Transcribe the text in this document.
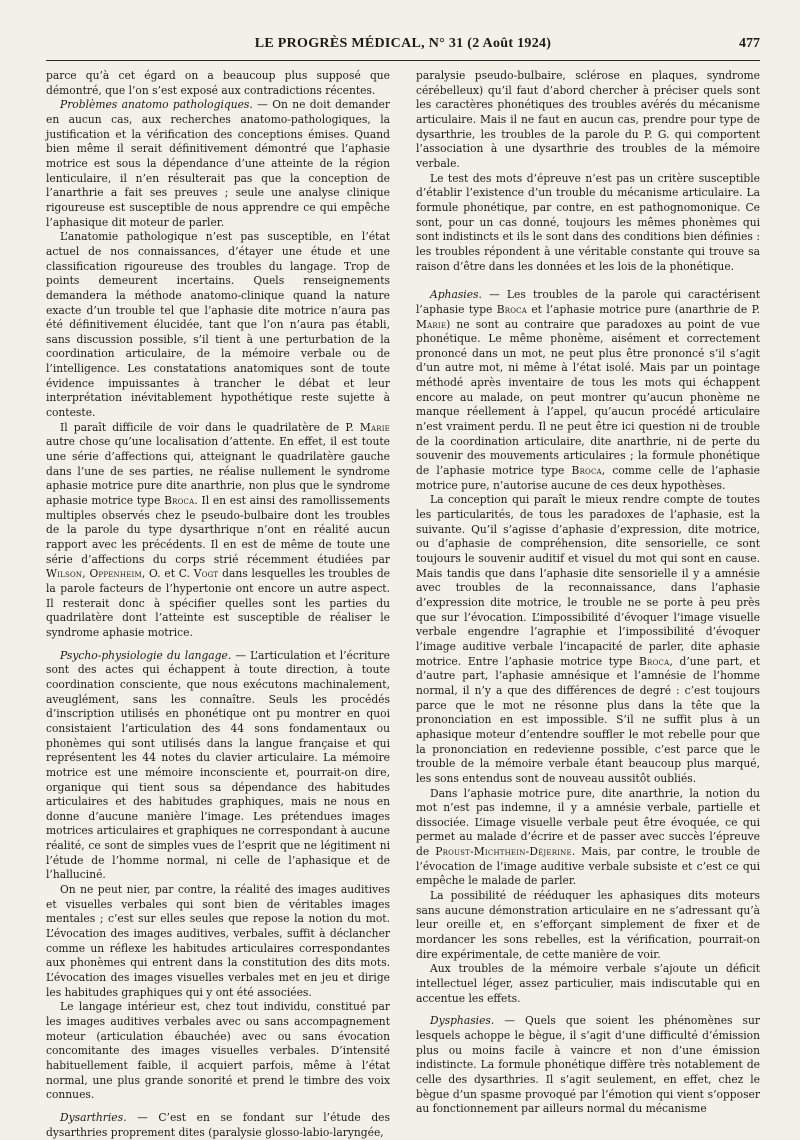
LE PROGRÈS MÉDICAL, N° 31 (2 Août 1924)	477

parce qu’à cet égard on a beaucoup plus supposé que démontré, que l’on s’est exposé aux contradictions récentes.

Problèmes anatomo pathologiques. — On ne doit demander en aucun cas, aux recherches anatomo-pathologiques, la justification et la vérification des conceptions émises. Quand bien même il serait définitivement démontré que l’aphasie motrice est sous la dépendance d’une atteinte de la région lenticulaire, il n’en résulterait pas que la conception de l’anarthrie a fait ses preuves ; seule une analyse clinique rigoureuse est susceptible de nous apprendre ce qui empêche l’aphasique dit moteur de parler.

L’anatomie pathologique n’est pas susceptible, en l’état actuel de nos connaissances, d’étayer une étude et une classification rigoureuse des troubles du langage. Trop de points demeurent incertains. Quels renseignements demandera la méthode anatomo-clinique quand la nature exacte d’un trouble tel que l’aphasie dite motrice n’aura pas été définitivement élucidée, tant que l’on n’aura pas établi, sans discussion possible, s’il tient à une perturbation de la coordination articulaire, de la mémoire verbale ou de l’intelligence. Les constatations anatomiques sont de toute évidence impuissantes à trancher le débat et leur interprétation inévitablement hypothétique reste sujette à conteste.

Il paraît difficile de voir dans le quadrilatère de P. Marie autre chose qu’une localisation d’attente. En effet, il est toute une série d’affections qui, atteignant le quadrilatère gauche dans l’une de ses parties, ne réalise nullement le syndrome aphasie motrice pure dite anarthrie, non plus que le syndrome aphasie motrice type Broca. Il en est ainsi des ramollissements multiples observés chez le pseudo-bulbaire dont les troubles de la parole du type dysarthrique n’ont en réalité aucun rapport avec les précédents. Il en est de même de toute une série d’affections du corps strié récemment étudiées par Wilson, Oppenheim, O. et C. Vogt dans lesquelles les troubles de la parole facteurs de l’hypertonie ont encore un autre aspect. Il resterait donc à spécifier quelles sont les parties du quadrilatère dont l’atteinte est susceptible de réaliser le syndrome aphasie motrice.

Psycho-physiologie du langage. — L’articulation et l’écriture sont des actes qui échappent à toute direction, à toute coordination consciente, que nous exécutons machinalement, aveuglément, sans les connaître. Seuls les procédés d’inscription utilisés en phonétique ont pu montrer en quoi consistaient l’articulation des 44 sons fondamentaux ou phonèmes qui sont utilisés dans la langue française et qui représentent les 44 notes du clavier articulaire. La mémoire motrice est une mémoire inconsciente et, pourrait-on dire, organique qui tient sous sa dépendance des habitudes articulaires et des habitudes graphiques, mais ne nous en donne d’aucune manière l’image. Les prétendues images motrices articulaires et graphiques ne correspondant à aucune réalité, ce sont de simples vues de l’esprit que ne légitiment ni l’étude de l’homme normal, ni celle de l’aphasique et de l’halluciné.

On ne peut nier, par contre, la réalité des images auditives et visuelles verbales qui sont bien de véritables images mentales ; c’est sur elles seules que repose la notion du mot. L’évocation des images auditives, verbales, suffit à déclancher comme un réflexe les habitudes articulaires correspondantes aux phonèmes qui entrent dans la constitution des dits mots. L’évocation des images visuelles verbales met en jeu et dirige les habitudes graphiques qui y ont été associées.

Le langage intérieur est, chez tout individu, constitué par les images auditives verbales avec ou sans accompagnement moteur (articulation ébauchée) avec ou sans évocation concomitante des images visuelles verbales. D’intensité habituellement faible, il acquiert parfois, même à l’état normal, une plus grande sonorité et prend le timbre des voix connues.

Dysarthries. — C’est en se fondant sur l’étude des dysarthries proprement dites (paralysie glosso-labio-laryngée,

paralysie pseudo-bulbaire, sclérose en plaques, syndrome cérébelleux) qu’il faut d’abord chercher à préciser quels sont les caractères phonétiques des troubles avérés du mécanisme articulaire. Mais il ne faut en aucun cas, prendre pour type de dysarthrie, les troubles de la parole du P. G. qui comportent l’association à une dysarthrie des troubles de la mémoire verbale.

Le test des mots d’épreuve n’est pas un critère susceptible d’établir l’existence d’un trouble du mécanisme articulaire. La formule phonétique, par contre, en est pathognomonique. Ce sont, pour un cas donné, toujours les mêmes phonèmes qui sont indistincts et ils le sont dans des conditions bien définies : les troubles répondent à une véritable constante qui trouve sa raison d’être dans les données et les lois de la phonétique.

Aphasies. — Les troubles de la parole qui caractérisent l’aphasie type Broca et l’aphasie motrice pure (anarthrie de P. Marie) ne sont au contraire que paradoxes au point de vue phonétique. Le même phonème, aisément et correctement prononcé dans un mot, ne peut plus être prononcé s’il s’agit d’un autre mot, ni même à l’état isolé. Mais par un pointage méthodé après inventaire de tous les mots qui échappent encore au malade, on peut montrer qu’aucun phonème ne manque réellement à l’appel, qu’aucun procédé articulaire n’est vraiment perdu. Il ne peut être ici question ni de trouble de la coordination articulaire, dite anarthrie, ni de perte du souvenir des mouvements articulaires ; la formule phonétique de l’aphasie motrice type Broca, comme celle de l’aphasie motrice pure, n’autorise aucune de ces deux hypothèses.

La conception qui paraît le mieux rendre compte de toutes les particularités, de tous les paradoxes de l’aphasie, est la suivante. Qu’il s’agisse d’aphasie d’expression, dite motrice, ou d’aphasie de compréhension, dite sensorielle, ce sont toujours le souvenir auditif et visuel du mot qui sont en cause. Mais tandis que dans l’aphasie dite sensorielle il y a amnésie avec troubles de la reconnaissance, dans l’aphasie d’expression dite motrice, le trouble ne se porte à peu près que sur l’évocation. L’impossibilité d’évoquer l’image visuelle verbale engendre l’agraphie et l’impossibilité d’évoquer l’image auditive verbale l’incapacité de parler, dite aphasie motrice. Entre l’aphasie motrice type Broca, d’une part, et d’autre part, l’aphasie amnésique et l’amnésie de l’homme normal, il n’y a que des différences de degré : c’est toujours parce que le mot ne résonne plus dans la tête que la prononciation en est impossible. S’il ne suffit plus à un aphasique moteur d’entendre souffler le mot rebelle pour que la prononciation en redevienne possible, c’est parce que le trouble de la mémoire verbale étant beaucoup plus marqué, les sons entendus sont de nouveau aussitôt oubliés.

Dans l’aphasie motrice pure, dite anarthrie, la notion du mot n’est pas indemne, il y a amnésie verbale, partielle et dissociée. L’image visuelle verbale peut être évoquée, ce qui permet au malade d’écrire et de passer avec succès l’épreuve de Proust-Michthein-Déjerine. Mais, par contre, le trouble de l’évocation de l’image auditive verbale subsiste et c’est ce qui empêche le malade de parler.

La possibilité de rééduquer les aphasiques dits moteurs sans aucune démonstration articulaire en ne s’adressant qu’à leur oreille et, en s’efforçant simplement de fixer et de mordancer les sons rebelles, est la vérification, pourrait-on dire expérimentale, de cette manière de voir.

Aux troubles de la mémoire verbale s’ajoute un déficit intellectuel léger, assez particulier, mais indiscutable qui en accentue les effets.

Dysphasies. — Quels que soient les phénomènes sur lesquels achoppe le bègue, il s’agit d’une difficulté d’émission plus ou moins facile à vaincre et non d’une émission indistincte. La formule phonétique diffère très notablement de celle des dysarthries. Il s’agit seulement, en effet, chez le bègue d’un spasme provoqué par l’émotion qui vient s’opposer au fonctionnement par ailleurs normal du mécanisme
